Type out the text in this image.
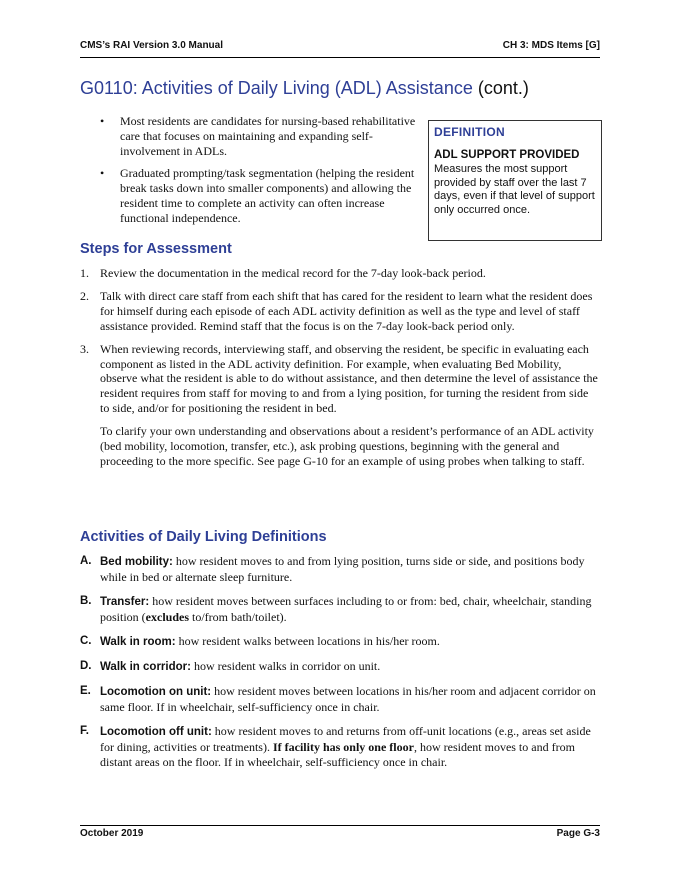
CMS’s RAI Version 3.0 Manual	CH 3: MDS Items [G]
G0110: Activities of Daily Living (ADL) Assistance (cont.)
• Most residents are candidates for nursing-based rehabilitative care that focuses on maintaining and expanding self-involvement in ADLs.
• Graduated prompting/task segmentation (helping the resident break tasks down into smaller components) and allowing the resident time to complete an activity can often increase functional independence.
DEFINITION
ADL SUPPORT PROVIDED
Measures the most support provided by staff over the last 7 days, even if that level of support only occurred once.
Steps for Assessment
1. Review the documentation in the medical record for the 7-day look-back period.

2. Talk with direct care staff from each shift that has cared for the resident to learn what the resident does for himself during each episode of each ADL activity definition as well as the type and level of staff assistance provided. Remind staff that the focus is on the 7-day look-back period only.

3. When reviewing records, interviewing staff, and observing the resident, be specific in evaluating each component as listed in the ADL activity definition. For example, when evaluating Bed Mobility, observe what the resident is able to do without assistance, and then determine the level of assistance the resident requires from staff for moving to and from a lying position, for turning the resident from side to side, and/or for positioning the resident in bed.

To clarify your own understanding and observations about a resident’s performance of an ADL activity (bed mobility, locomotion, transfer, etc.), ask probing questions, beginning with the general and proceeding to the more specific. See page G-10 for an example of using probes when talking to staff.

Activities of Daily Living Definitions
A. Bed mobility: how resident moves to and from lying position, turns side or side, and positions body while in bed or alternate sleep furniture.
B. Transfer: how resident moves between surfaces including to or from: bed, chair, wheelchair, standing position (excludes to/from bath/toilet).
C. Walk in room: how resident walks between locations in his/her room.
D. Walk in corridor: how resident walks in corridor on unit.
E. Locomotion on unit: how resident moves between locations in his/her room and adjacent corridor on same floor. If in wheelchair, self-sufficiency once in chair.
F. Locomotion off unit: how resident moves to and returns from off-unit locations (e.g., areas set aside for dining, activities or treatments). If facility has only one floor, how resident moves to and from distant areas on the floor. If in wheelchair, self-sufficiency once in chair.
October 2019	Page G-3
